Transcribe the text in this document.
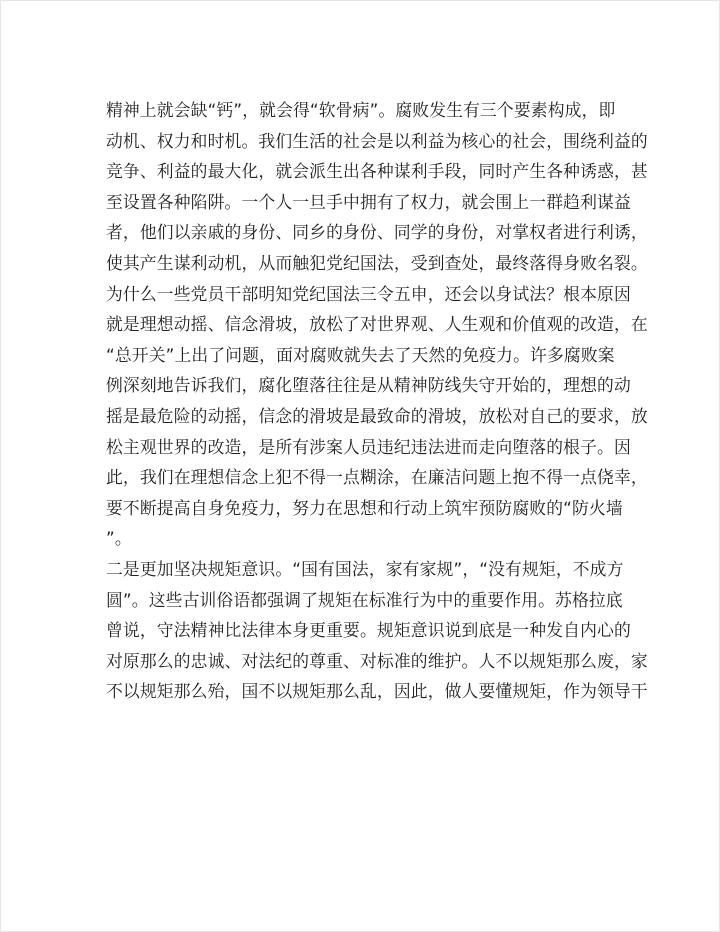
精神上就会缺“钙”，就会得“软骨病”。腐败发生有三个要素构成，即
动机、权力和时机。我们生活的社会是以利益为核心的社会，围绕利益的
竞争、利益的最大化，就会派生出各种谋利手段，同时产生各种诱惑，甚
至设置各种陷阱。一个人一旦手中拥有了权力，就会围上一群趋利谋益
者，他们以亲戚的身份、同乡的身份、同学的身份，对掌权者进行利诱，
使其产生谋利动机，从而触犯党纪国法，受到查处，最终落得身败名裂。
为什么一些党员干部明知党纪国法三令五申，还会以身试法？根本原因
就是理想动摇、信念滑坡，放松了对世界观、人生观和价值观的改造，在
“总开关”上出了问题，面对腐败就失去了天然的免疫力。许多腐败案
例深刻地告诉我们，腐化堕落往往是从精神防线失守开始的，理想的动
摇是最危险的动摇，信念的滑坡是最致命的滑坡，放松对自己的要求，放
松主观世界的改造，是所有涉案人员违纪违法进而走向堕落的根子。因
此，我们在理想信念上犯不得一点糊涂，在廉洁问题上抱不得一点侥幸，
要不断提高自身免疫力，努力在思想和行动上筑牢预防腐败的“防火墙
”。
二是更加坚决规矩意识。“国有国法，家有家规”，“没有规矩，不成方
圆”。这些古训俗语都强调了规矩在标准行为中的重要作用。苏格拉底
曾说，守法精神比法律本身更重要。规矩意识说到底是一种发自内心的
对原那么的忠诚、对法纪的尊重、对标准的维护。人不以规矩那么废，家
不以规矩那么殆，国不以规矩那么乱，因此，做人要懂规矩，作为领导干
